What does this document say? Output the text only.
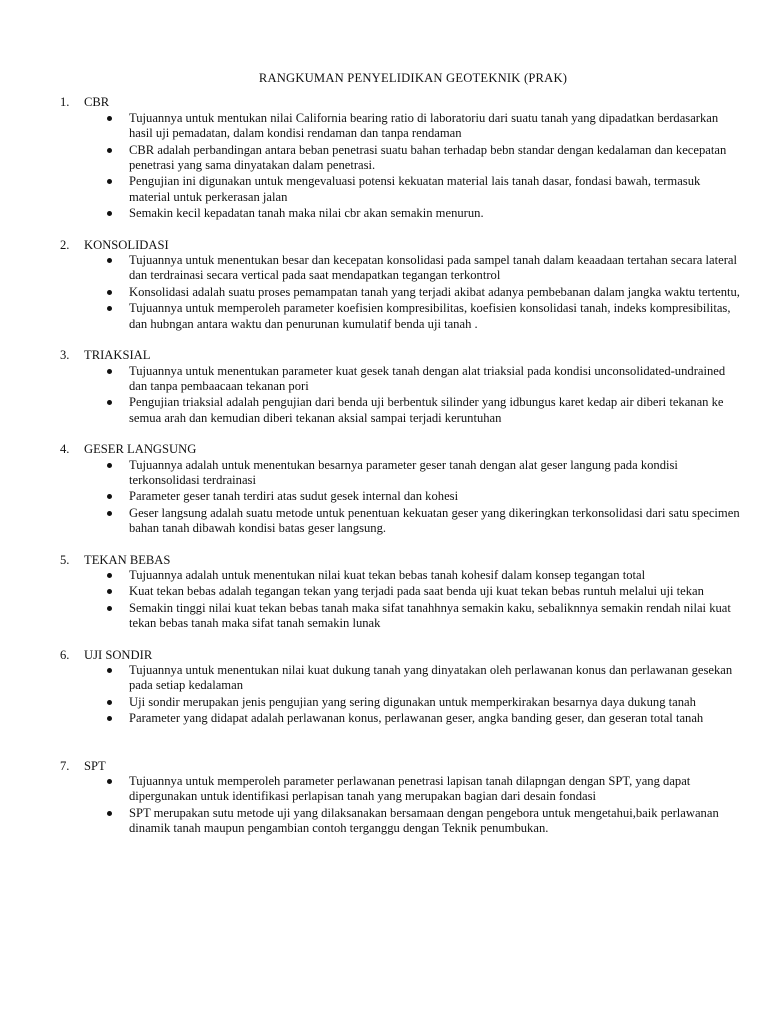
RANGKUMAN PENYELIDIKAN GEOTEKNIK (PRAK)
1.	CBR
Tujuannya untuk mentukan nilai California bearing ratio di laboratoriu dari suatu tanah yang dipadatkan berdasarkan hasil uji pemadatan, dalam kondisi rendaman dan tanpa rendaman
CBR adalah perbandingan antara beban penetrasi suatu bahan terhadap bebn standar dengan kedalaman dan kecepatan penetrasi yang sama dinyatakan dalam penetrasi.
Pengujian ini digunakan untuk mengevaluasi potensi kekuatan material lais tanah dasar, fondasi bawah, termasuk material untuk perkerasan jalan
Semakin kecil kepadatan tanah maka nilai cbr akan semakin menurun.
2.	KONSOLIDASI
Tujuannya untuk menentukan besar dan kecepatan konsolidasi pada sampel tanah dalam keaadaan tertahan secara lateral dan terdrainasi secara vertical pada saat mendapatkan tegangan terkontrol
Konsolidasi adalah suatu proses pemampatan tanah yang terjadi akibat adanya pembebanan dalam jangka waktu tertentu,
Tujuannya untuk memperoleh parameter koefisien kompresibilitas, koefisien konsolidasi tanah, indeks kompresibilitas, dan hubngan antara waktu dan penurunan kumulatif benda uji tanah .
3.	TRIAKSIAL
Tujuannya untuk menentukan parameter kuat gesek tanah dengan alat triaksial pada kondisi unconsolidated-undrained dan tanpa pembaacaan tekanan pori
Pengujian triaksial adalah pengujian dari benda uji berbentuk silinder yang idbungus karet kedap air diberi tekanan ke semua arah dan kemudian diberi tekanan aksial sampai terjadi keruntuhan
4.	GESER LANGSUNG
Tujuannya adalah untuk menentukan besarnya parameter geser tanah dengan alat geser langung pada kondisi terkonsolidasi terdrainasi
Parameter geser tanah terdiri atas sudut gesek internal dan kohesi
Geser langsung adalah suatu metode untuk penentuan kekuatan geser yang dikeringkan terkonsolidasi dari satu specimen bahan tanah dibawah kondisi batas geser langsung.
5.	TEKAN BEBAS
Tujuannya adalah untuk menentukan nilai kuat tekan bebas tanah kohesif dalam konsep tegangan total
Kuat tekan bebas adalah tegangan tekan yang terjadi pada saat benda uji kuat tekan bebas runtuh melalui uji tekan
Semakin tinggi nilai kuat tekan bebas tanah maka sifat tanahhnya semakin kaku, sebaliknnya semakin rendah nilai kuat tekan bebas tanah maka sifat tanah semakin lunak
6.	UJI SONDIR
Tujuannya untuk menentukan nilai kuat dukung tanah yang dinyatakan oleh perlawanan konus dan perlawanan gesekan pada setiap kedalaman
Uji sondir merupakan jenis pengujian yang sering digunakan untuk memperkirakan besarnya daya dukung tanah
Parameter yang didapat adalah perlawanan konus, perlawanan geser, angka banding geser, dan geseran total tanah
7.	SPT
Tujuannya untuk memperoleh parameter perlawanan penetrasi lapisan tanah dilapngan dengan SPT, yang dapat dipergunakan untuk identifikasi perlapisan tanah yang merupakan bagian dari desain fondasi
SPT merupakan sutu metode uji yang dilaksanakan bersamaan dengan pengebora untuk mengetahui,baik perlawanan dinamik tanah maupun pengambian contoh terganggu dengan Teknik penumbukan.
